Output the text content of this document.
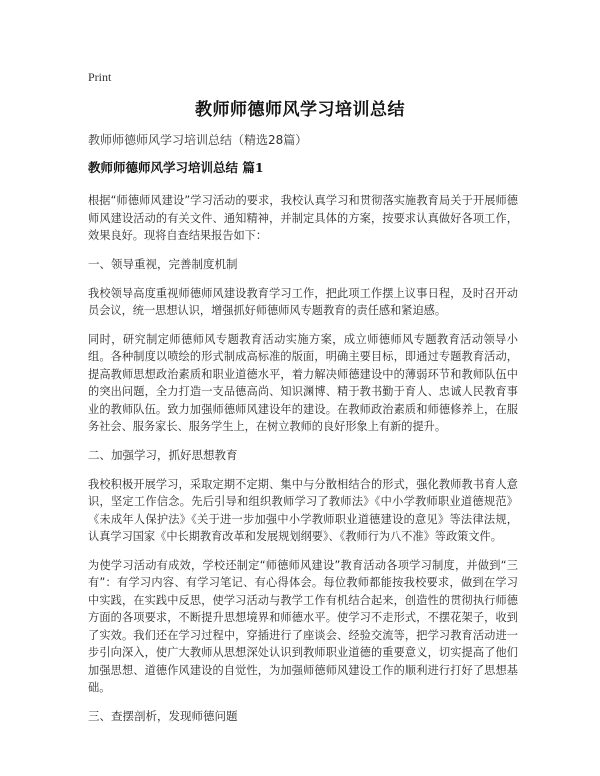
Print
教师师德师风学习培训总结

教师师德师风学习培训总结（精选28篇）

教师师德师风学习培训总结 篇1

根据“师德师风建设”学习活动的要求，我校认真学习和贯彻落实施教育局关于开展师德师风建设活动的有关文件、通知精神，并制定具体的方案，按要求认真做好各项工作，效果良好。现将自查结果报告如下：

一、领导重视，完善制度机制

我校领导高度重视师德师风建设教育学习工作，把此项工作摆上议事日程，及时召开动员会议，统一思想认识，增强抓好师德师风专题教育的责任感和紧迫感。

同时，研究制定师德师风专题教育活动实施方案，成立师德师风专题教育活动领导小组。各种制度以喷绘的形式制成高标准的版面，明确主要目标，即通过专题教育活动，提高教师思想政治素质和职业道德水平，着力解决师德建设中的薄弱环节和教师队伍中的突出问题，全力打造一支品德高尚、知识渊博、精于教书勤于育人、忠诚人民教育事业的教师队伍。致力加强师德师风建设年的建设。在教师政治素质和师德修养上，在服务社会、服务家长、服务学生上，在树立教师的良好形象上有新的提升。

二、加强学习，抓好思想教育

我校积极开展学习，采取定期不定期、集中与分散相结合的形式，强化教师教书育人意识，坚定工作信念。先后引导和组织教师学习了教师法》《中小学教师职业道德规范》《未成年人保护法》《关于进一步加强中小学教师职业道德建设的意见》等法律法规，认真学习国家《中长期教育改革和发展规划纲要》、《教师行为八不准》等政策文件。

为使学习活动有成效，学校还制定“师德师风建设”教育活动各项学习制度，并做到“三有”：有学习内容、有学习笔记、有心得体会。每位教师都能按我校要求，做到在学习中实践，在实践中反思，使学习活动与教学工作有机结合起来，创造性的贯彻执行师德方面的各项要求，不断提升思想境界和师德水平。使学习不走形式，不摆花架子，收到了实效。我们还在学习过程中，穿插进行了座谈会、经验交流等，把学习教育活动进一步引向深入，使广大教师从思想深处认识到教师职业道德的重要意义，切实提高了他们加强思想、道德作风建设的自觉性，为加强师德师风建设工作的顺利进行打好了思想基础。

三、查摆剖析，发现师德问题
